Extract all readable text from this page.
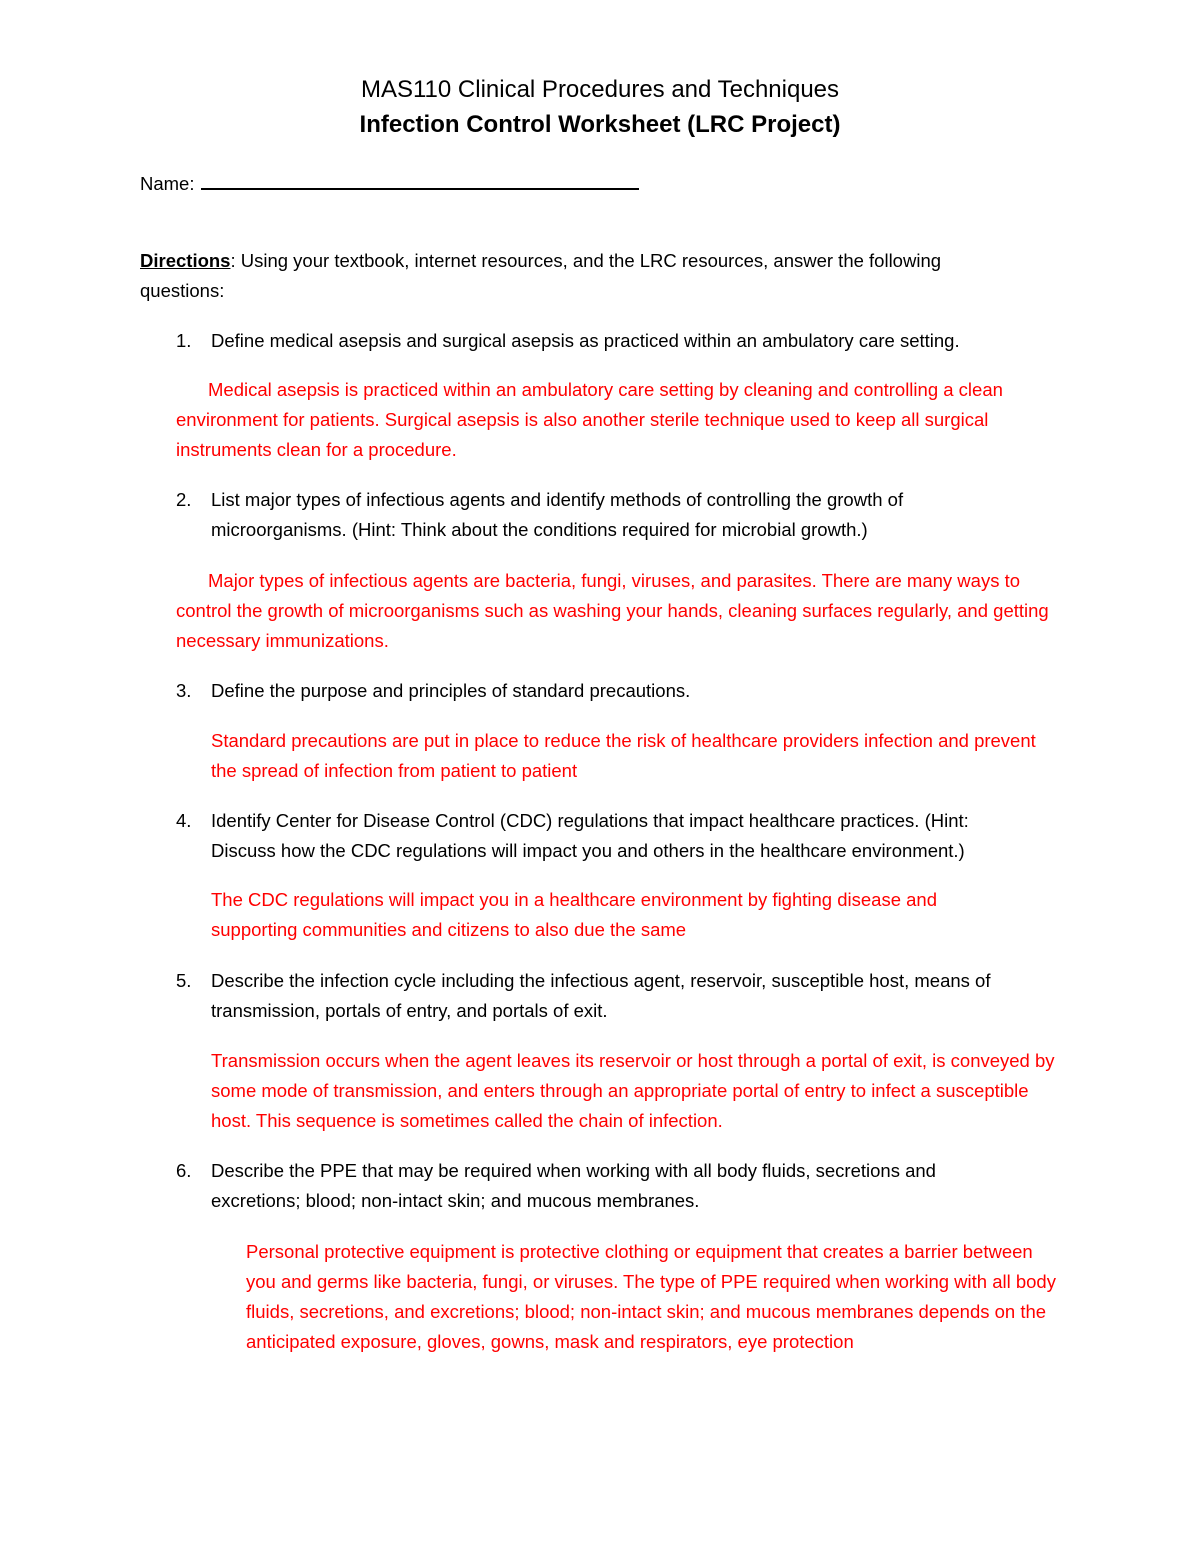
MAS110 Clinical Procedures and Techniques
Infection Control Worksheet (LRC Project)
Name:
Directions: Using your textbook, internet resources, and the LRC resources, answer the following questions:
1. Define medical asepsis and surgical asepsis as practiced within an ambulatory care setting.
Medical asepsis is practiced within an ambulatory care setting by cleaning and controlling a clean environment for patients. Surgical asepsis is also another sterile technique used to keep all surgical instruments clean for a procedure.
2. List major types of infectious agents and identify methods of controlling the growth of microorganisms. (Hint: Think about the conditions required for microbial growth.)
Major types of infectious agents are bacteria, fungi, viruses, and parasites. There are many ways to control the growth of microorganisms such as washing your hands, cleaning surfaces regularly, and getting necessary immunizations.
3. Define the purpose and principles of standard precautions.
Standard precautions are put in place to reduce the risk of healthcare providers infection and prevent the spread of infection from patient to patient
4. Identify Center for Disease Control (CDC) regulations that impact healthcare practices. (Hint: Discuss how the CDC regulations will impact you and others in the healthcare environment.)
The CDC regulations will impact you in a healthcare environment by fighting disease and supporting communities and citizens to also due the same
5. Describe the infection cycle including the infectious agent, reservoir, susceptible host, means of transmission, portals of entry, and portals of exit.
Transmission occurs when the agent leaves its reservoir or host through a portal of exit, is conveyed by some mode of transmission, and enters through an appropriate portal of entry to infect a susceptible host. This sequence is sometimes called the chain of infection.
6. Describe the PPE that may be required when working with all body fluids, secretions and excretions; blood; non-intact skin; and mucous membranes.
Personal protective equipment is protective clothing or equipment that creates a barrier between you and germs like bacteria, fungi, or viruses. The type of PPE required when working with all body fluids, secretions, and excretions; blood; non-intact skin; and mucous membranes depends on the anticipated exposure, gloves, gowns, mask and respirators, eye protection
